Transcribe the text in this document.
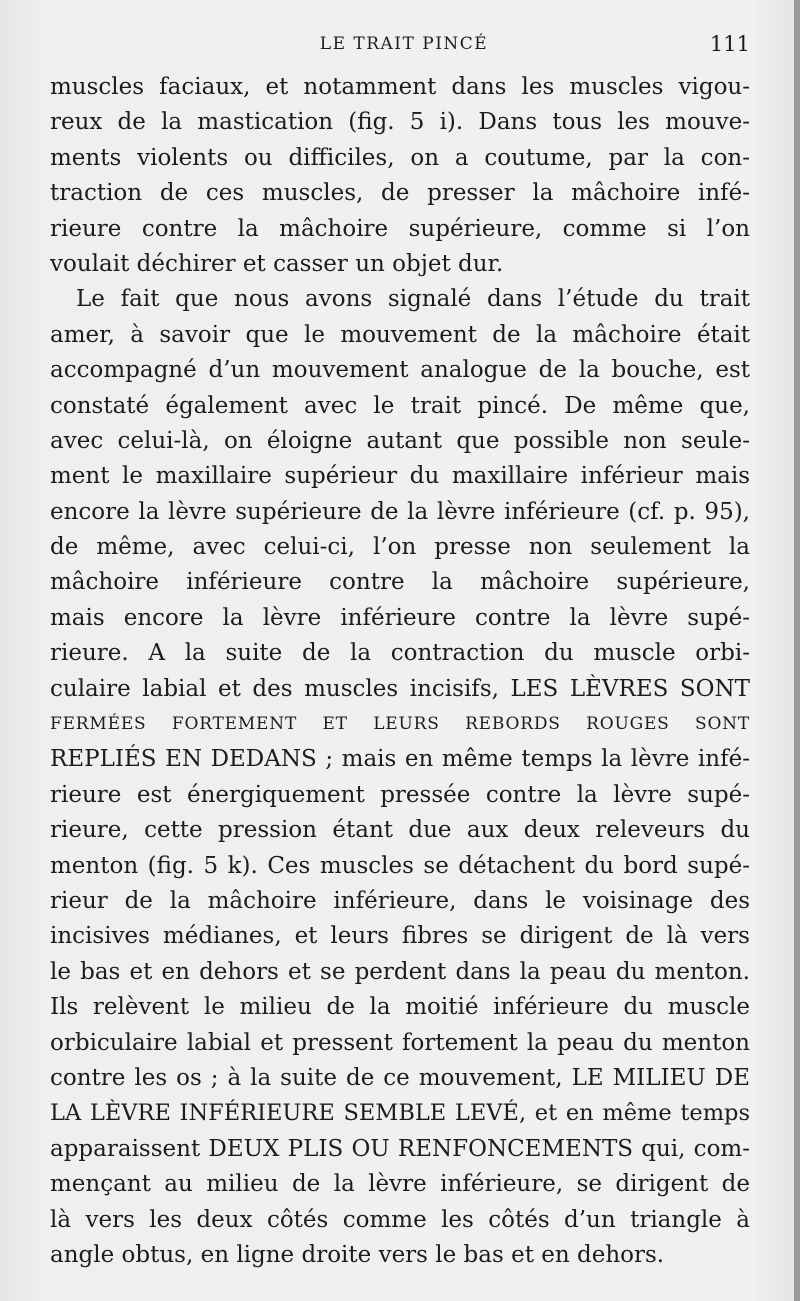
LE TRAIT PINCÉ	111
muscles faciaux, et notamment dans les muscles vigou-
reux de la mastication (fig. 5 i). Dans tous les mouve-
ments violents ou difficiles, on a coutume, par la con-
traction de ces muscles, de presser la mâchoire infé-
rieure contre la mâchoire supérieure, comme si l’on
voulait déchirer et casser un objet dur.
Le fait que nous avons signalé dans l’étude du trait
amer, à savoir que le mouvement de la mâchoire était
accompagné d’un mouvement analogue de la bouche, est
constaté également avec le trait pincé. De même que,
avec celui-là, on éloigne autant que possible non seule-
ment le maxillaire supérieur du maxillaire inférieur mais
encore la lèvre supérieure de la lèvre inférieure (cf. p. 95),
de même, avec celui-ci, l’on presse non seulement la
mâchoire inférieure contre la mâchoire supérieure,
mais encore la lèvre inférieure contre la lèvre supé-
rieure. A la suite de la contraction du muscle orbi-
culaire labial et des muscles incisifs, LES LÈVRES SONT
FERMÉES FORTEMENT ET LEURS REBORDS ROUGES SONT
REPLIÉS EN DEDANS ; mais en même temps la lèvre infé-
rieure est énergiquement pressée contre la lèvre supé-
rieure, cette pression étant due aux deux releveurs du
menton (fig. 5 k). Ces muscles se détachent du bord supé-
rieur de la mâchoire inférieure, dans le voisinage des
incisives médianes, et leurs fibres se dirigent de là vers
le bas et en dehors et se perdent dans la peau du menton.
Ils relèvent le milieu de la moitié inférieure du muscle
orbiculaire labial et pressent fortement la peau du menton
contre les os ; à la suite de ce mouvement, LE MILIEU DE
LA LÈVRE INFÉRIEURE SEMBLE LEVÉ, et en même temps
apparaissent DEUX PLIS OU RENFONCEMENTS qui, com-
mençant au milieu de la lèvre inférieure, se dirigent de
là vers les deux côtés comme les côtés d’un triangle à
angle obtus, en ligne droite vers le bas et en dehors.
